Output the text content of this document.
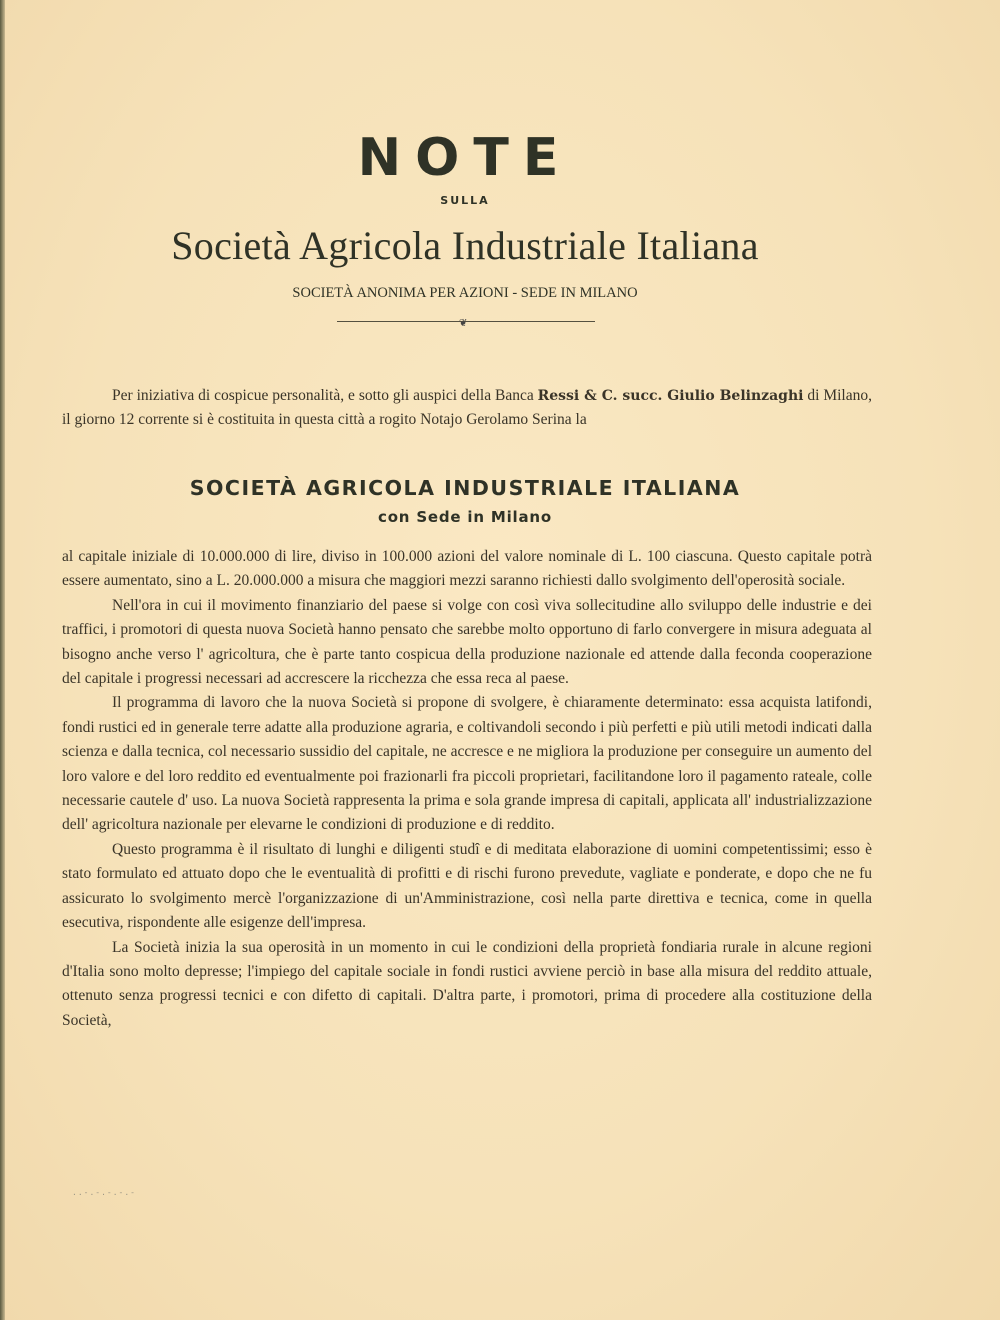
NOTE
SULLA
Società Agricola Industriale Italiana
SOCIETÀ ANONIMA PER AZIONI - SEDE IN MILANO
❦

Per iniziativa di cospicue personalità, e sotto gli auspici della Banca Ressi & C. succ. Giulio Belinzaghi di Milano, il giorno 12 corrente si è costituita in questa città a rogito Notajo Gerolamo Serina la

SOCIETÀ AGRICOLA INDUSTRIALE ITALIANA
con Sede in Milano

al capitale iniziale di 10.000.000 di lire, diviso in 100.000 azioni del valore nominale di L. 100 ciascuna. Questo capitale potrà essere aumentato, sino a L. 20.000.000 a misura che maggiori mezzi saranno richiesti dallo svolgimento dell'operosità sociale.

Nell'ora in cui il movimento finanziario del paese si volge con così viva sollecitudine allo sviluppo delle industrie e dei traffici, i promotori di questa nuova Società hanno pensato che sarebbe molto opportuno di farlo convergere in misura adeguata al bisogno anche verso l' agricoltura, che è parte tanto cospicua della produzione nazionale ed attende dalla feconda cooperazione del capitale i progressi necessari ad accrescere la ricchezza che essa reca al paese.

Il programma di lavoro che la nuova Società si propone di svolgere, è chiaramente determinato: essa acquista latifondi, fondi rustici ed in generale terre adatte alla produzione agraria, e coltivandoli secondo i più perfetti e più utili metodi indicati dalla scienza e dalla tecnica, col necessario sussidio del capitale, ne accresce e ne migliora la produzione per conseguire un aumento del loro valore e del loro reddito ed eventualmente poi frazionarli fra piccoli proprietari, facilitandone loro il pagamento rateale, colle necessarie cautele d' uso. La nuova Società rappresenta la prima e sola grande impresa di capitali, applicata all' industrializzazione dell' agricoltura nazionale per elevarne le condizioni di produzione e di reddito.

Questo programma è il risultato di lunghi e diligenti studî e di meditata elaborazione di uomini competentissimi; esso è stato formulato ed attuato dopo che le eventualità di profitti e di rischi furono prevedute, vagliate e ponderate, e dopo che ne fu assicurato lo svolgimento mercè l'organizzazione di un'Amministrazione, così nella parte direttiva e tecnica, come in quella esecutiva, rispondente alle esigenze dell'impresa.

La Società inizia la sua operosità in un momento in cui le condizioni della proprietà fondiaria rurale in alcune regioni d'Italia sono molto depresse; l'impiego del capitale sociale in fondi rustici avviene perciò in base alla misura del reddito attuale, ottenuto senza progressi tecnici e con difetto di capitali. D'altra parte, i promotori, prima di procedere alla costituzione della Società,

..-.-.-.-.-
